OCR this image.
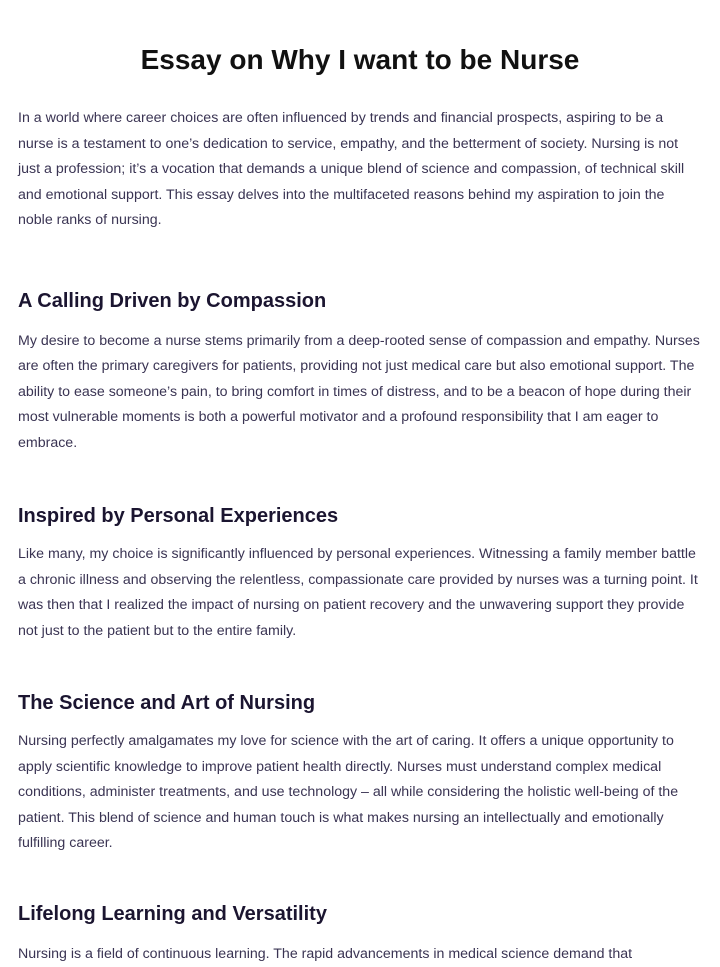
Essay on Why I want to be Nurse

In a world where career choices are often influenced by trends and financial prospects, aspiring to be a nurse is a testament to one’s dedication to service, empathy, and the betterment of society. Nursing is not just a profession; it’s a vocation that demands a unique blend of science and compassion, of technical skill and emotional support. This essay delves into the multifaceted reasons behind my aspiration to join the noble ranks of nursing.

A Calling Driven by Compassion

My desire to become a nurse stems primarily from a deep-rooted sense of compassion and empathy. Nurses are often the primary caregivers for patients, providing not just medical care but also emotional support. The ability to ease someone’s pain, to bring comfort in times of distress, and to be a beacon of hope during their most vulnerable moments is both a powerful motivator and a profound responsibility that I am eager to embrace.

Inspired by Personal Experiences

Like many, my choice is significantly influenced by personal experiences. Witnessing a family member battle a chronic illness and observing the relentless, compassionate care provided by nurses was a turning point. It was then that I realized the impact of nursing on patient recovery and the unwavering support they provide not just to the patient but to the entire family.

The Science and Art of Nursing

Nursing perfectly amalgamates my love for science with the art of caring. It offers a unique opportunity to apply scientific knowledge to improve patient health directly. Nurses must understand complex medical conditions, administer treatments, and use technology – all while considering the holistic well-being of the patient. This blend of science and human touch is what makes nursing an intellectually and emotionally fulfilling career.

Lifelong Learning and Versatility

Nursing is a field of continuous learning. The rapid advancements in medical science demand that
